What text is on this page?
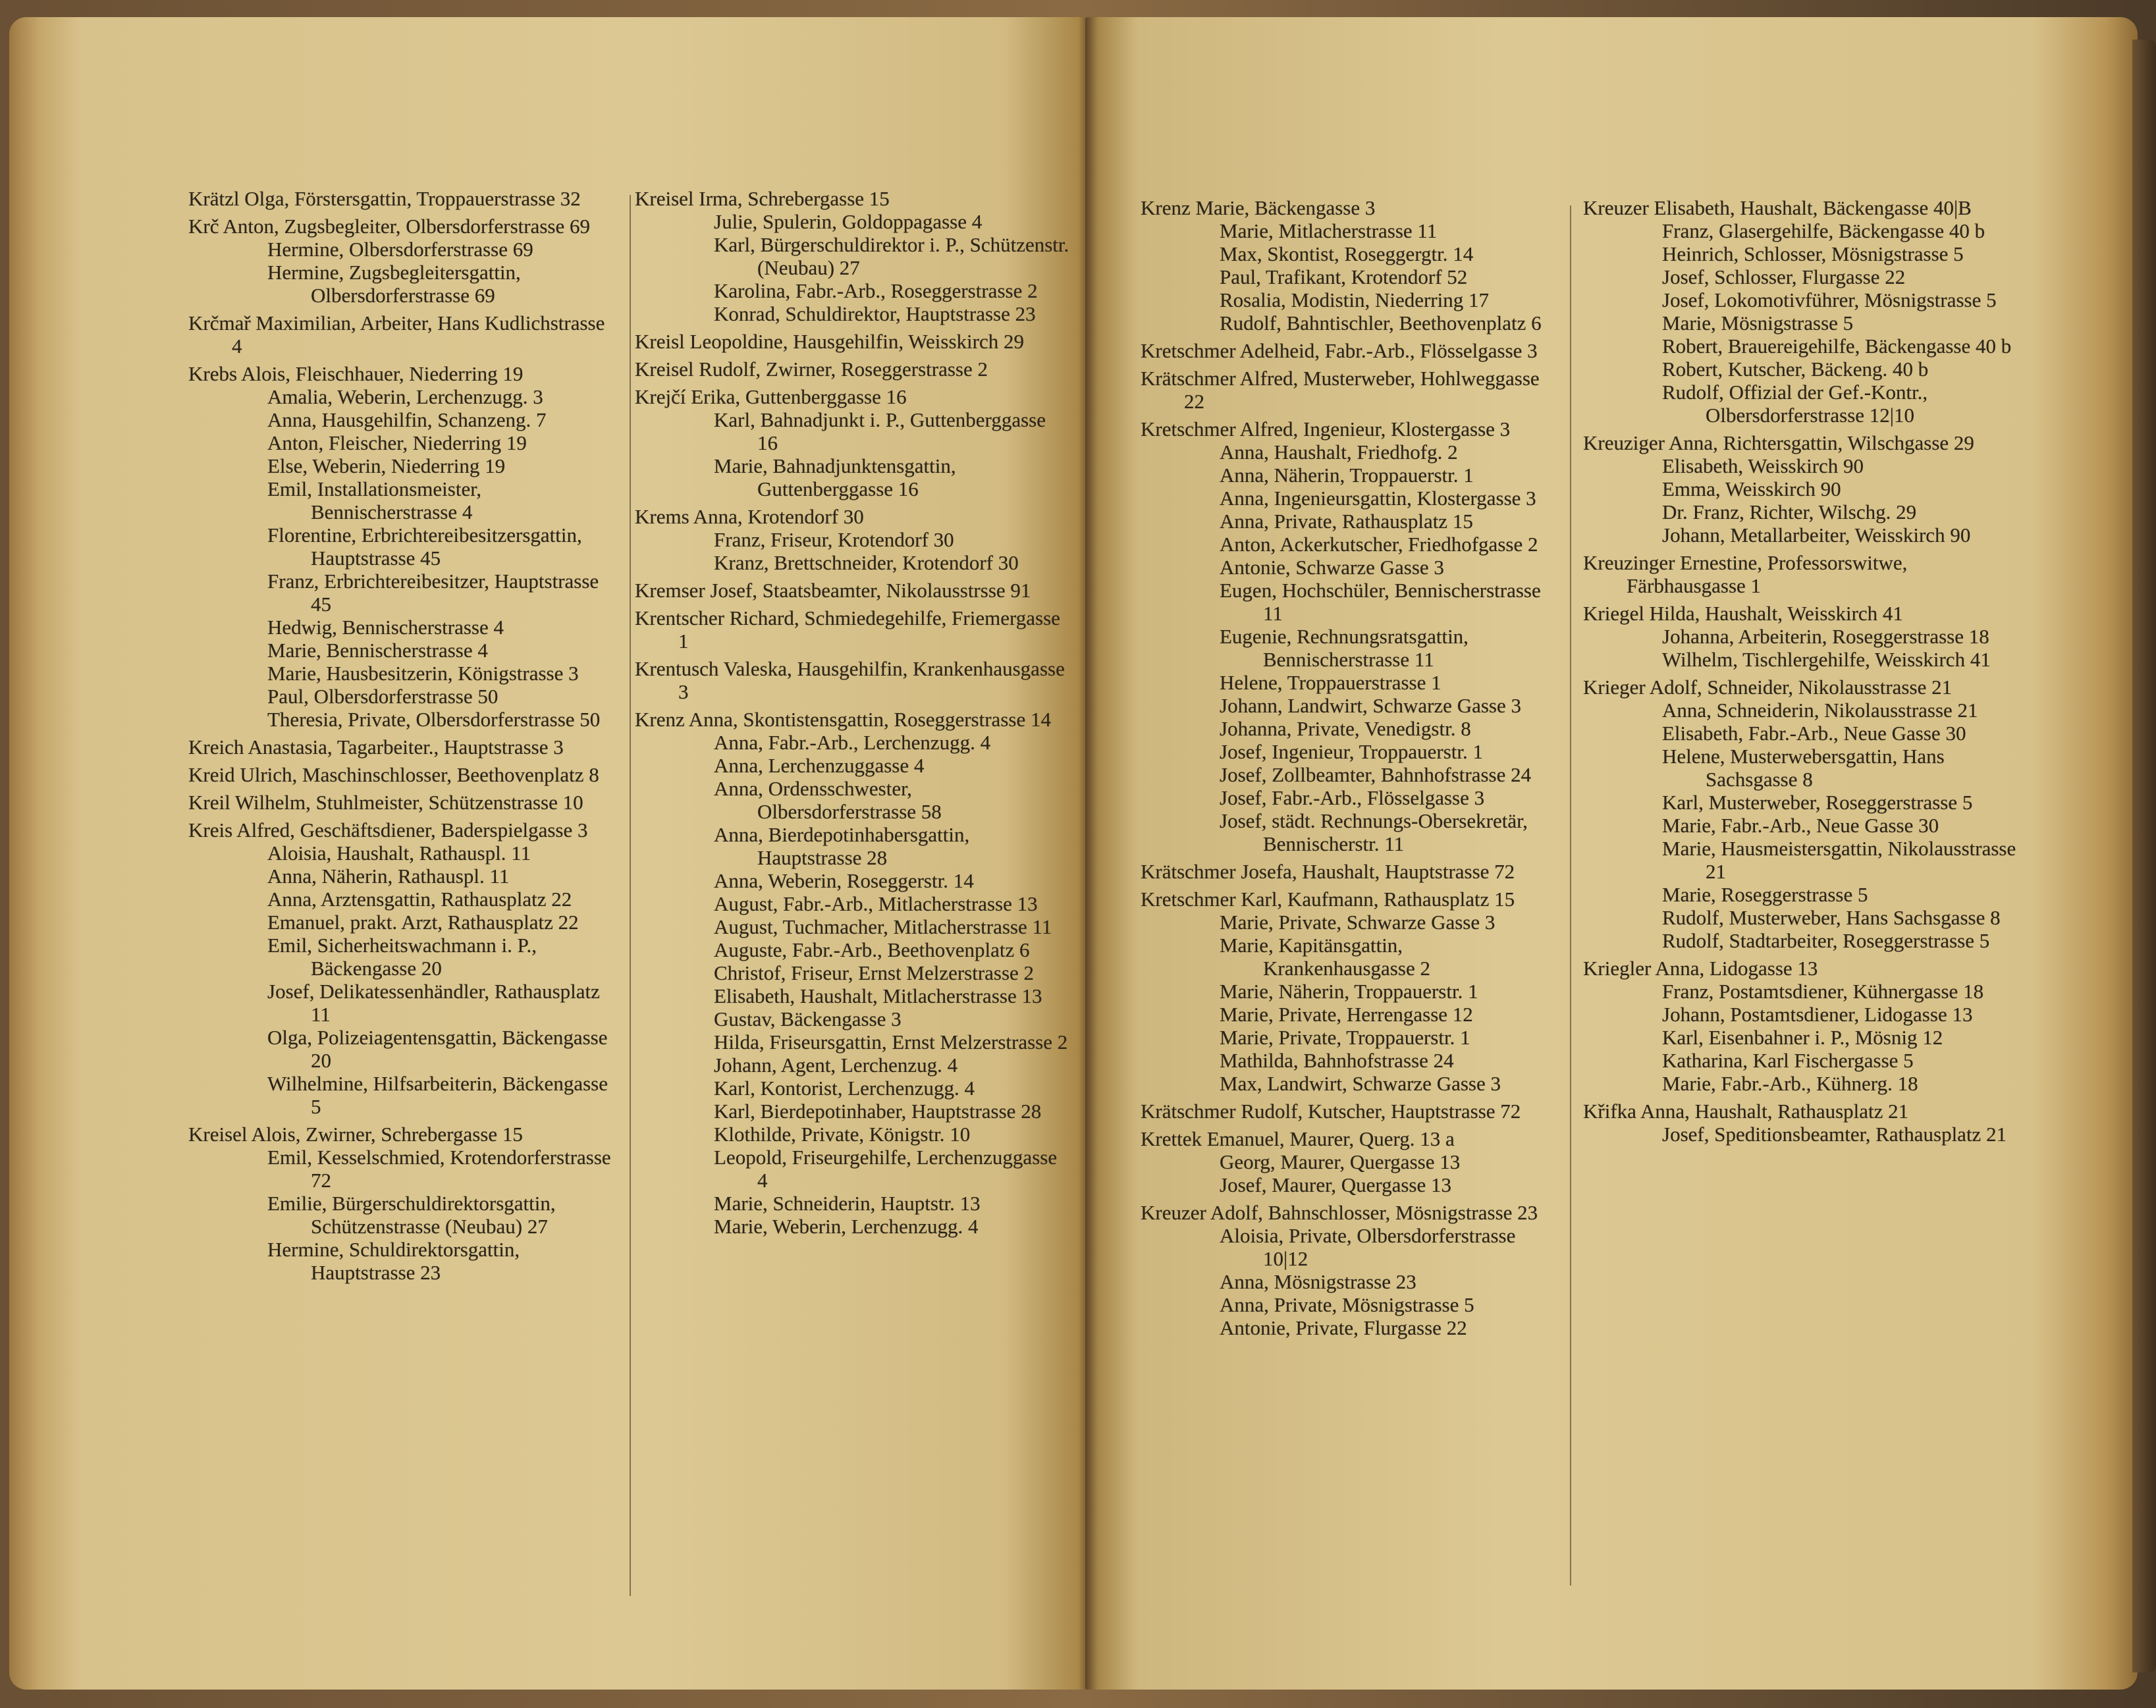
Krätzl Olga, Förstersgattin, Troppauerstrasse 32
Krč Anton, Zugsbegleiter, Olbersdorferstrasse 69
Hermine, Olbersdorferstrasse 69
Hermine, Zugsbegleitersgattin, Olbersdorferstrasse 69
Krčmař Maximilian, Arbeiter, Hans Kudlichstrasse 4
Krebs Alois, Fleischhauer, Niederring 19
Amalia, Weberin, Lerchenzugg. 3
Anna, Hausgehilfin, Schanzeng. 7
Anton, Fleischer, Niederring 19
Else, Weberin, Niederring 19
Emil, Installationsmeister, Bennischerstrasse 4
Florentine, Erbrichtereibesitzersgattin, Hauptstrasse 45
Franz, Erbrichtereibesitzer, Hauptstrasse 45
Hedwig, Bennischerstrasse 4
Marie, Bennischerstrasse 4
Marie, Hausbesitzerin, Königstrasse 3
Paul, Olbersdorferstrasse 50
Theresia, Private, Olbersdorferstrasse 50
Kreich Anastasia, Tagarbeiter., Hauptstrasse 3
Kreid Ulrich, Maschinschlosser, Beethovenplatz 8
Kreil Wilhelm, Stuhlmeister, Schützenstrasse 10
Kreis Alfred, Geschäftsdiener, Baderspielgasse 3
Aloisia, Haushalt, Rathauspl. 11
Anna, Näherin, Rathauspl. 11
Anna, Arztensgattin, Rathausplatz 22
Emanuel, prakt. Arzt, Rathausplatz 22
Emil, Sicherheitswachmann i. P., Bäckengasse 20
Josef, Delikatessenhändler, Rathausplatz 11
Olga, Polizeiagentensgattin, Bäckengasse 20
Wilhelmine, Hilfsarbeiterin, Bäckengasse 5
Kreisel Alois, Zwirner, Schrebergasse 15
Emil, Kesselschmied, Krotendorferstrasse 72
Emilie, Bürgerschuldirektorsgattin, Schützenstrasse (Neubau) 27
Hermine, Schuldirektorsgattin, Hauptstrasse 23
Kreisel Irma, Schrebergasse 15
Julie, Spulerin, Goldoppagasse 4
Karl, Bürgerschuldirektor i. P., Schützenstr. (Neubau) 27
Karolina, Fabr.-Arb., Roseggerstrasse 2
Konrad, Schuldirektor, Hauptstrasse 23
Kreisl Leopoldine, Hausgehilfin, Weisskirch 29
Kreisel Rudolf, Zwirner, Roseggerstrasse 2
Krejčí Erika, Guttenberggasse 16
Karl, Bahnadjunkt i. P., Guttenberggasse 16
Marie, Bahnadjunktensgattin, Guttenberggasse 16
Krems Anna, Krotendorf 30
Franz, Friseur, Krotendorf 30
Kranz, Brettschneider, Krotendorf 30
Kremser Josef, Staatsbeamter, Nikolausstrsse 91
Krentscher Richard, Schmiedegehilfe, Friemergasse 1
Krentusch Valeska, Hausgehilfin, Krankenhausgasse 3
Krenz Anna, Skontistensgattin, Roseggerstrasse 14
Anna, Fabr.-Arb., Lerchenzugg. 4
Anna, Lerchenzuggasse 4
Anna, Ordensschwester, Olbersdorferstrasse 58
Anna, Bierdepotinhabersgattin, Hauptstrasse 28
Anna, Weberin, Roseggerstr. 14
August, Fabr.-Arb., Mitlacherstrasse 13
August, Tuchmacher, Mitlacherstrasse 11
Auguste, Fabr.-Arb., Beethovenplatz 6
Christof, Friseur, Ernst Melzerstrasse 2
Elisabeth, Haushalt, Mitlacherstrasse 13
Gustav, Bäckengasse 3
Hilda, Friseursgattin, Ernst Melzerstrasse 2
Johann, Agent, Lerchenzug. 4
Karl, Kontorist, Lerchenzugg. 4
Karl, Bierdepotinhaber, Hauptstrasse 28
Klothilde, Private, Königstr. 10
Leopold, Friseurgehilfe, Lerchenzuggasse 4
Marie, Schneiderin, Hauptstr. 13
Marie, Weberin, Lerchenzugg. 4
Krenz Marie, Bäckengasse 3
Marie, Mitlacherstrasse 11
Max, Skontist, Roseggergtr. 14
Paul, Trafikant, Krotendorf 52
Rosalia, Modistin, Niederring 17
Rudolf, Bahntischler, Beethovenplatz 6
Kretschmer Adelheid, Fabr.-Arb., Flösselgasse 3
Krätschmer Alfred, Musterweber, Hohlweggasse 22
Kretschmer Alfred, Ingenieur, Klostergasse 3
Anna, Haushalt, Friedhofg. 2
Anna, Näherin, Troppauerstr. 1
Anna, Ingenieursgattin, Klostergasse 3
Anna, Private, Rathausplatz 15
Anton, Ackerkutscher, Friedhofgasse 2
Antonie, Schwarze Gasse 3
Eugen, Hochschüler, Bennischerstrasse 11
Eugenie, Rechnungsratsgattin, Bennischerstrasse 11
Helene, Troppauerstrasse 1
Johann, Landwirt, Schwarze Gasse 3
Johanna, Private, Venedigstr. 8
Josef, Ingenieur, Troppauerstr. 1
Josef, Zollbeamter, Bahnhofstrasse 24
Josef, Fabr.-Arb., Flösselgasse 3
Josef, städt. Rechnungs-Obersekretär, Bennischerstr. 11
Krätschmer Josefa, Haushalt, Hauptstrasse 72
Kretschmer Karl, Kaufmann, Rathausplatz 15
Marie, Private, Schwarze Gasse 3
Marie, Kapitänsgattin, Krankenhausgasse 2
Marie, Näherin, Troppauerstr. 1
Marie, Private, Herrengasse 12
Marie, Private, Troppauerstr. 1
Mathilda, Bahnhofstrasse 24
Max, Landwirt, Schwarze Gasse 3
Krätschmer Rudolf, Kutscher, Hauptstrasse 72
Krettek Emanuel, Maurer, Querg. 13 a
Georg, Maurer, Quergasse 13
Josef, Maurer, Quergasse 13
Kreuzer Adolf, Bahnschlosser, Mösnigstrasse 23
Aloisia, Private, Olbersdorferstrasse 10|12
Anna, Mösnigstrasse 23
Anna, Private, Mösnigstrasse 5
Antonie, Private, Flurgasse 22
Kreuzer Elisabeth, Haushalt, Bäckengasse 40|B
Franz, Glasergehilfe, Bäckengasse 40 b
Heinrich, Schlosser, Mösnigstrasse 5
Josef, Schlosser, Flurgasse 22
Josef, Lokomotivführer, Mösnigstrasse 5
Marie, Mösnigstrasse 5
Robert, Brauereigehilfe, Bäckengasse 40 b
Robert, Kutscher, Bäckeng. 40 b
Rudolf, Offizial der Gef.-Kontr., Olbersdorferstrasse 12|10
Kreuziger Anna, Richtersgattin, Wilschgasse 29
Elisabeth, Weisskirch 90
Emma, Weisskirch 90
Dr. Franz, Richter, Wilschg. 29
Johann, Metallarbeiter, Weisskirch 90
Kreuzinger Ernestine, Professorswitwe, Färbhausgasse 1
Kriegel Hilda, Haushalt, Weisskirch 41
Johanna, Arbeiterin, Roseggerstrasse 18
Wilhelm, Tischlergehilfe, Weisskirch 41
Krieger Adolf, Schneider, Nikolausstrasse 21
Anna, Schneiderin, Nikolausstrasse 21
Elisabeth, Fabr.-Arb., Neue Gasse 30
Helene, Musterwebersgattin, Hans Sachsgasse 8
Karl, Musterweber, Roseggerstrasse 5
Marie, Fabr.-Arb., Neue Gasse 30
Marie, Hausmeistersgattin, Nikolausstrasse 21
Marie, Roseggerstrasse 5
Rudolf, Musterweber, Hans Sachsgasse 8
Rudolf, Stadtarbeiter, Roseggerstrasse 5
Kriegler Anna, Lidogasse 13
Franz, Postamtsdiener, Kühnergasse 18
Johann, Postamtsdiener, Lidogasse 13
Karl, Eisenbahner i. P., Mösnig 12
Katharina, Karl Fischergasse 5
Marie, Fabr.-Arb., Kühnerg. 18
Křifka Anna, Haushalt, Rathausplatz 21
Josef, Speditionsbeamter, Rathausplatz 21
